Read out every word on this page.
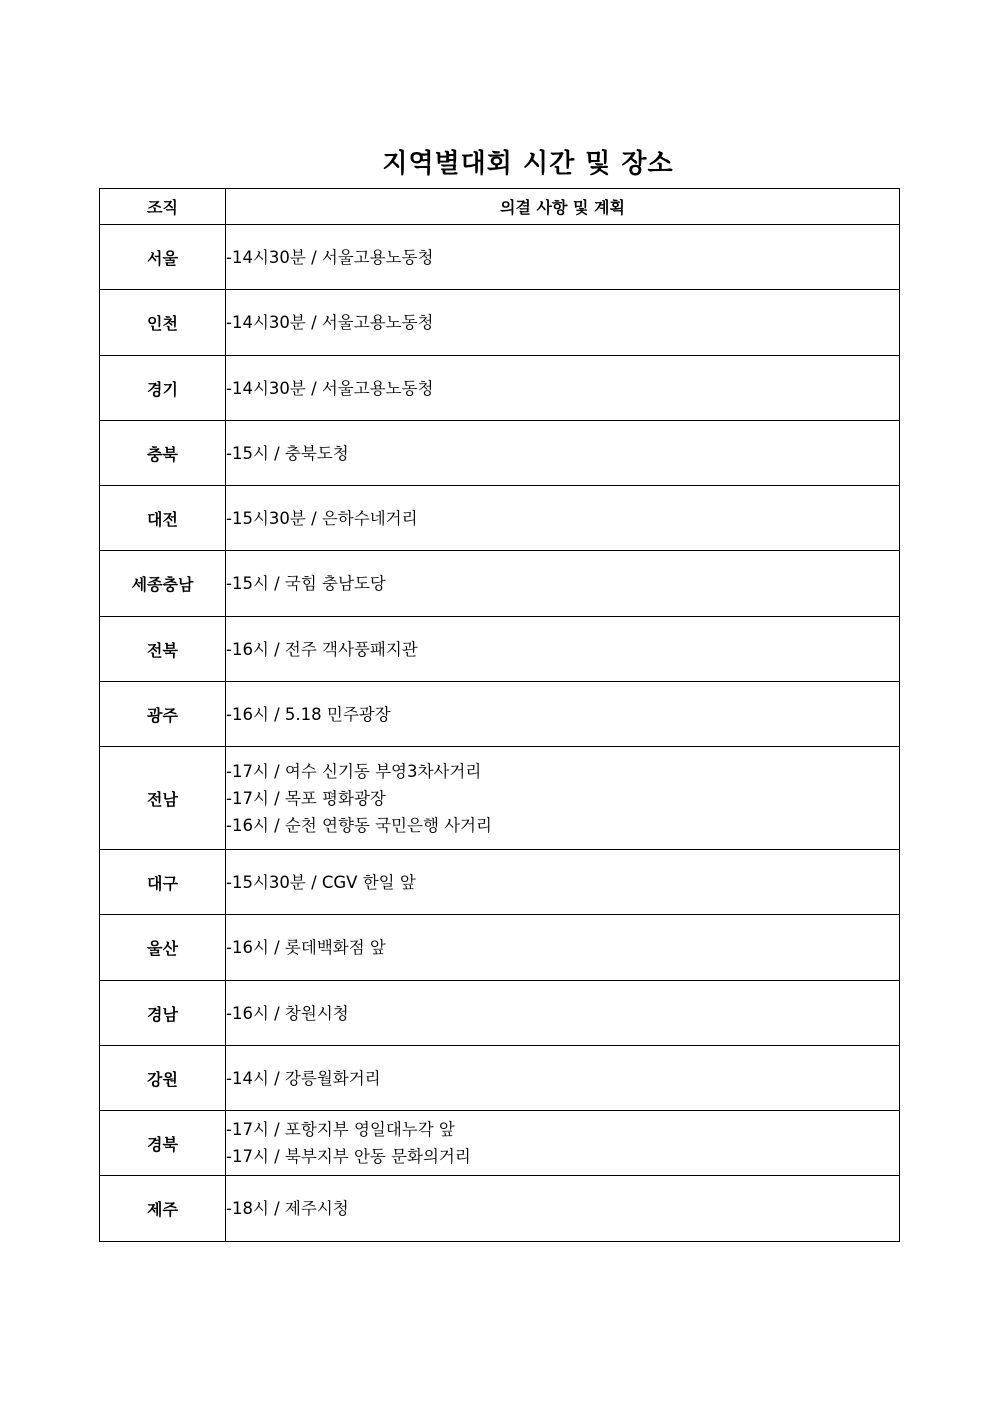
지역별대회 시간 및 장소
조직	의결 사항 및 계획
서울	-14시30분 / 서울고용노동청

인천	-14시30분 / 서울고용노동청

경기	-14시30분 / 서울고용노동청

충북	-15시 / 충북도청

대전	-15시30분 / 은하수네거리

세종충남	-15시 / 국힘 충남도당

전북	-16시 / 전주 객사풍패지관

광주	-16시 / 5.18 민주광장

전남	-17시 / 여수 신기동 부영3차사거리
-17시 / 목포 평화광장
-16시 / 순천 연향동 국민은행 사거리

대구	-15시30분 / CGV 한일 앞

울산	-16시 / 롯데백화점 앞

경남	-16시 / 창원시청

강원	-14시 / 강릉월화거리

경북	-17시 / 포항지부 영일대누각 앞
-17시 / 북부지부 안동 문화의거리

제주	-18시 / 제주시청
